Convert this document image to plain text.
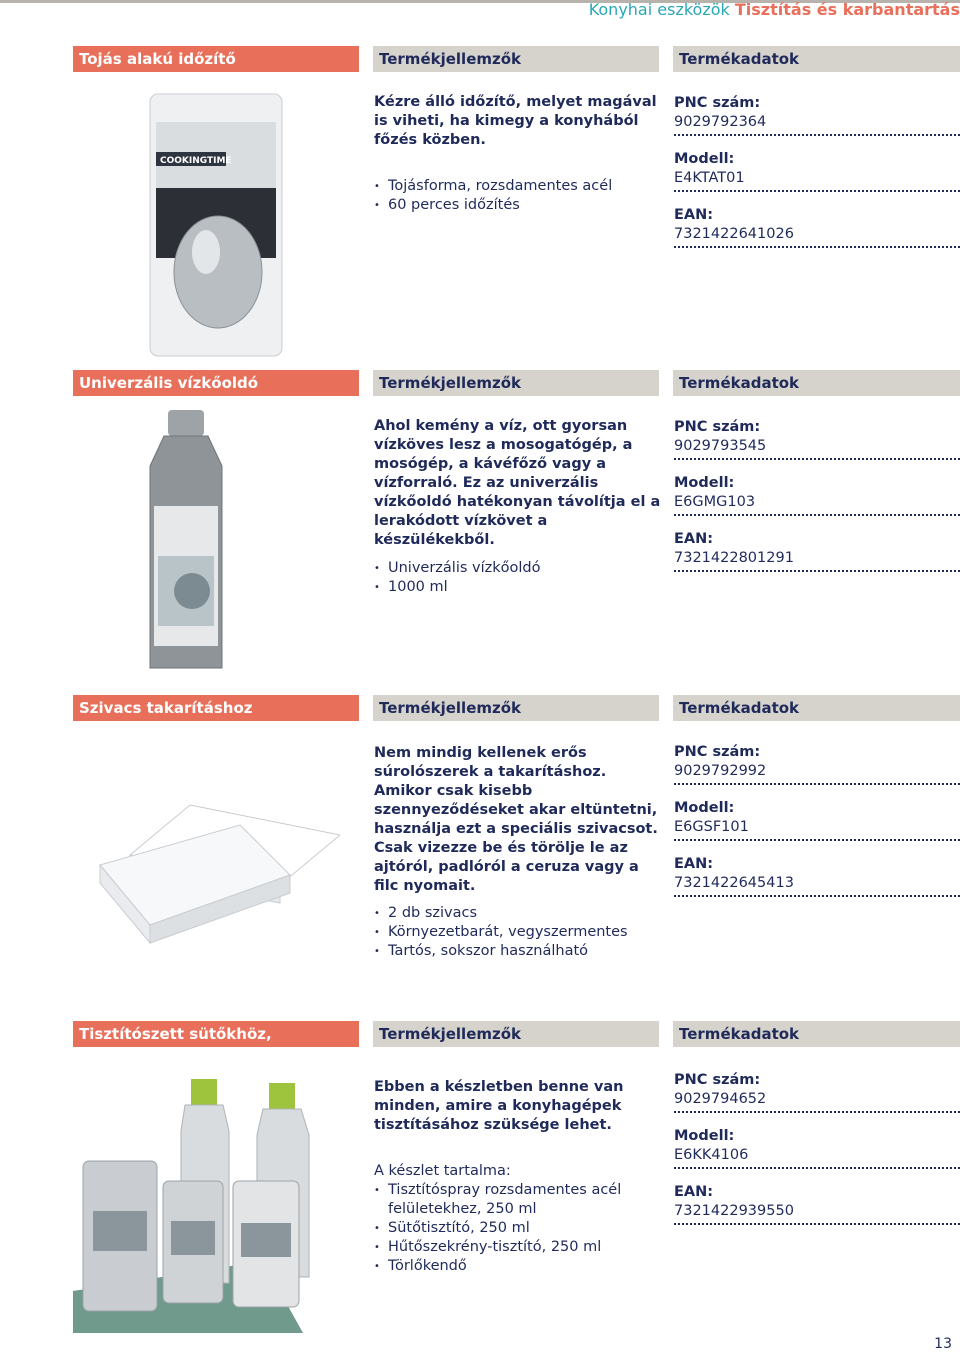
Konyhai eszközök Tisztítás és karbantartás
Tojás alakú időzítő	Termékjellemzők	Termékadatok
COOKINGTIME
Kézre álló időzítő, melyet magával is viheti, ha kimegy a konyhából főzés közben.
• Tojásforma, rozsdamentes acél
• 60 perces időzítés
PNC szám:
9029792364
Modell:
E4KTAT01
EAN:
7321422641026
Univerzális vízkőoldó	Termékjellemzők	Termékadatok
Ahol kemény a víz, ott gyorsan vízköves lesz a mosogatógép, a mosógép, a kávéfőző vagy a vízforraló. Ez az univerzális vízkőoldó hatékonyan távolítja el a lerakódott vízkövet a készülékekből.
• Univerzális vízkőoldó
• 1000 ml
PNC szám:
9029793545
Modell:
E6GMG103
EAN:
7321422801291
Szivacs takarításhoz	Termékjellemzők	Termékadatok
Nem mindig kellenek erős súrolószerek a takarításhoz. Amikor csak kisebb szennyeződéseket akar eltüntetni, használja ezt a speciális szivacsot. Csak vizezze be és törölje le az ajtóról, padlóról a ceruza vagy a filc nyomait.
• 2 db szivacs
• Környezetbarát, vegyszermentes
• Tartós, sokszor használható
PNC szám:
9029792992
Modell:
E6GSF101
EAN:
7321422645413
Tisztítószett sütőkhöz, főzőlapokhoz
Termékjellemzők	Termékadatok
Ebben a készletben benne van minden, amire a konyhagépek tisztításához szüksége lehet.
A készlet tartalma:
• Tisztítóspray rozsdamentes acél felületekhez, 250 ml
• Sütőtisztító, 250 ml
• Hűtőszekrény-tisztító, 250 ml
• Törlőkendő
PNC szám:
9029794652
Modell:
E6KK4106
EAN:
7321422939550
13
